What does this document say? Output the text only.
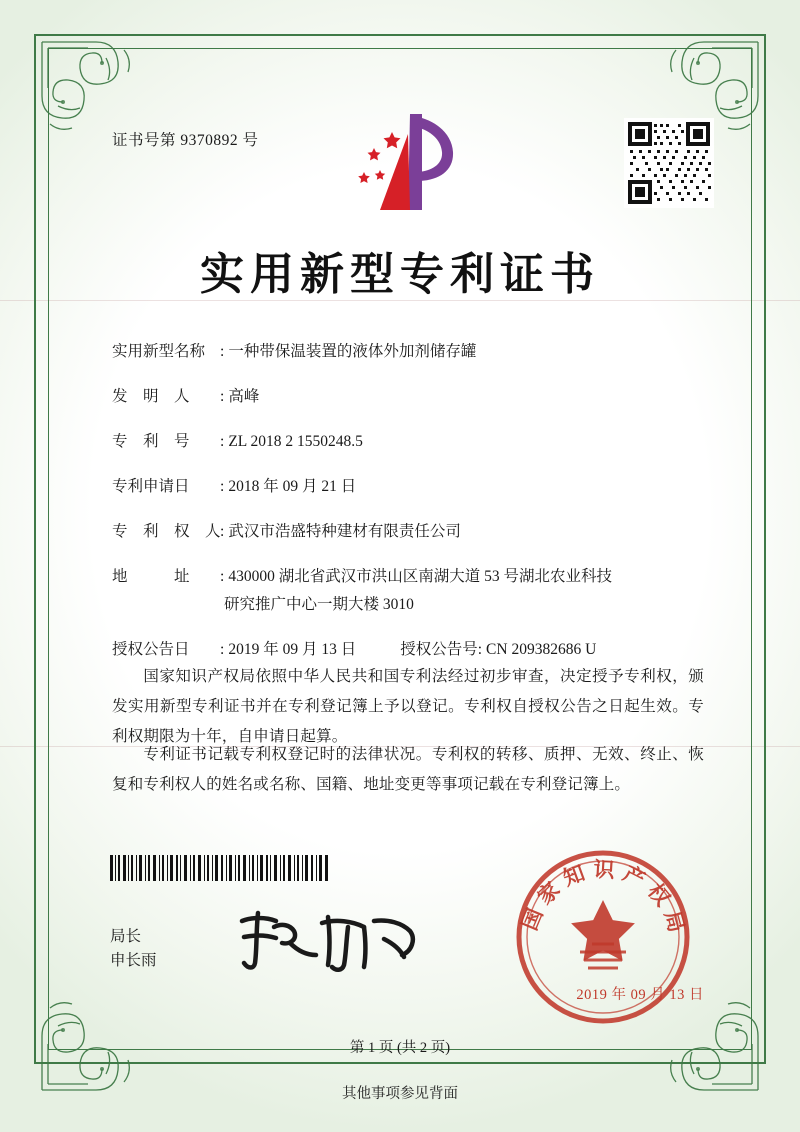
证书号第 9370892 号
实用新型专利证书
实用新型名称 : 一种带保温装置的液体外加剂储存罐
发　明　人	: 高峰
专　利　号	: ZL 2018 2 1550248.5
专利申请日	: 2018 年 09 月 21 日
专　利　权　人 : 武汉市浩盛特种建材有限责任公司
地　　　址	: 430000 湖北省武汉市洪山区南湖大道 53 号湖北农业科技
研究推广中心一期大楼 3010
授权公告日	: 2019 年 09 月 13 日	授权公告号 : CN 209382686 U
国家知识产权局依照中华人民共和国专利法经过初步审查，决定授予专利权，颁发实用新型专利证书并在专利登记簿上予以登记。专利权自授权公告之日起生效。专利权期限为十年，自申请日起算。
专利证书记载专利权登记时的法律状况。专利权的转移、质押、无效、终止、恢复和专利权人的姓名或名称、国籍、地址变更等事项记载在专利登记簿上。
局长
申长雨
国家知识产权局
2019 年 09 月 13 日
第 1 页 (共 2 页)
其他事项参见背面
